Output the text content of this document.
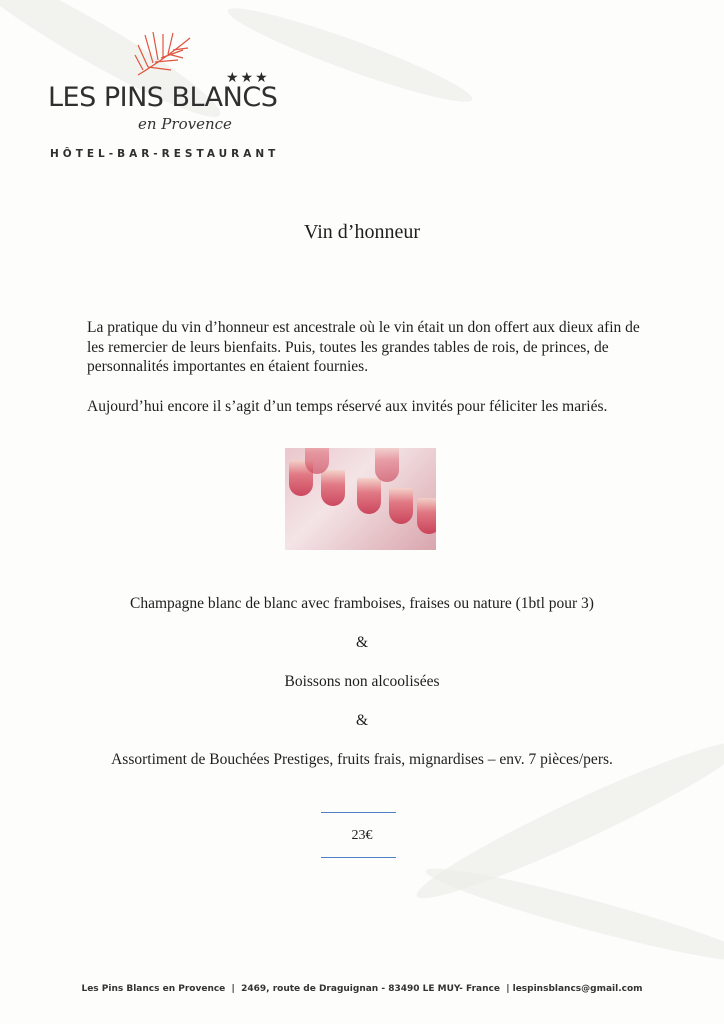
★★★
LES PINS BLANCS
en Provence
HÔTEL-BAR-RESTAURANT
Vin d’honneur
La pratique du vin d’honneur est ancestrale où le vin était un don offert aux dieux afin de les remercier de leurs bienfaits. Puis, toutes les grandes tables de rois, de princes, de personnalités importantes en étaient fournies.
Aujourd’hui encore il s’agit d’un temps réservé aux invités pour féliciter les mariés.
Champagne blanc de blanc avec framboises, fraises ou nature (1btl pour 3)
&
Boissons non alcoolisées
&
Assortiment de Bouchées Prestiges, fruits frais, mignardises – env. 7 pièces/pers.
23€
Les Pins Blancs en Provence  |  2469, route de Draguignan - 83490 LE MUY- France  | lespinsblancs@gmail.com
